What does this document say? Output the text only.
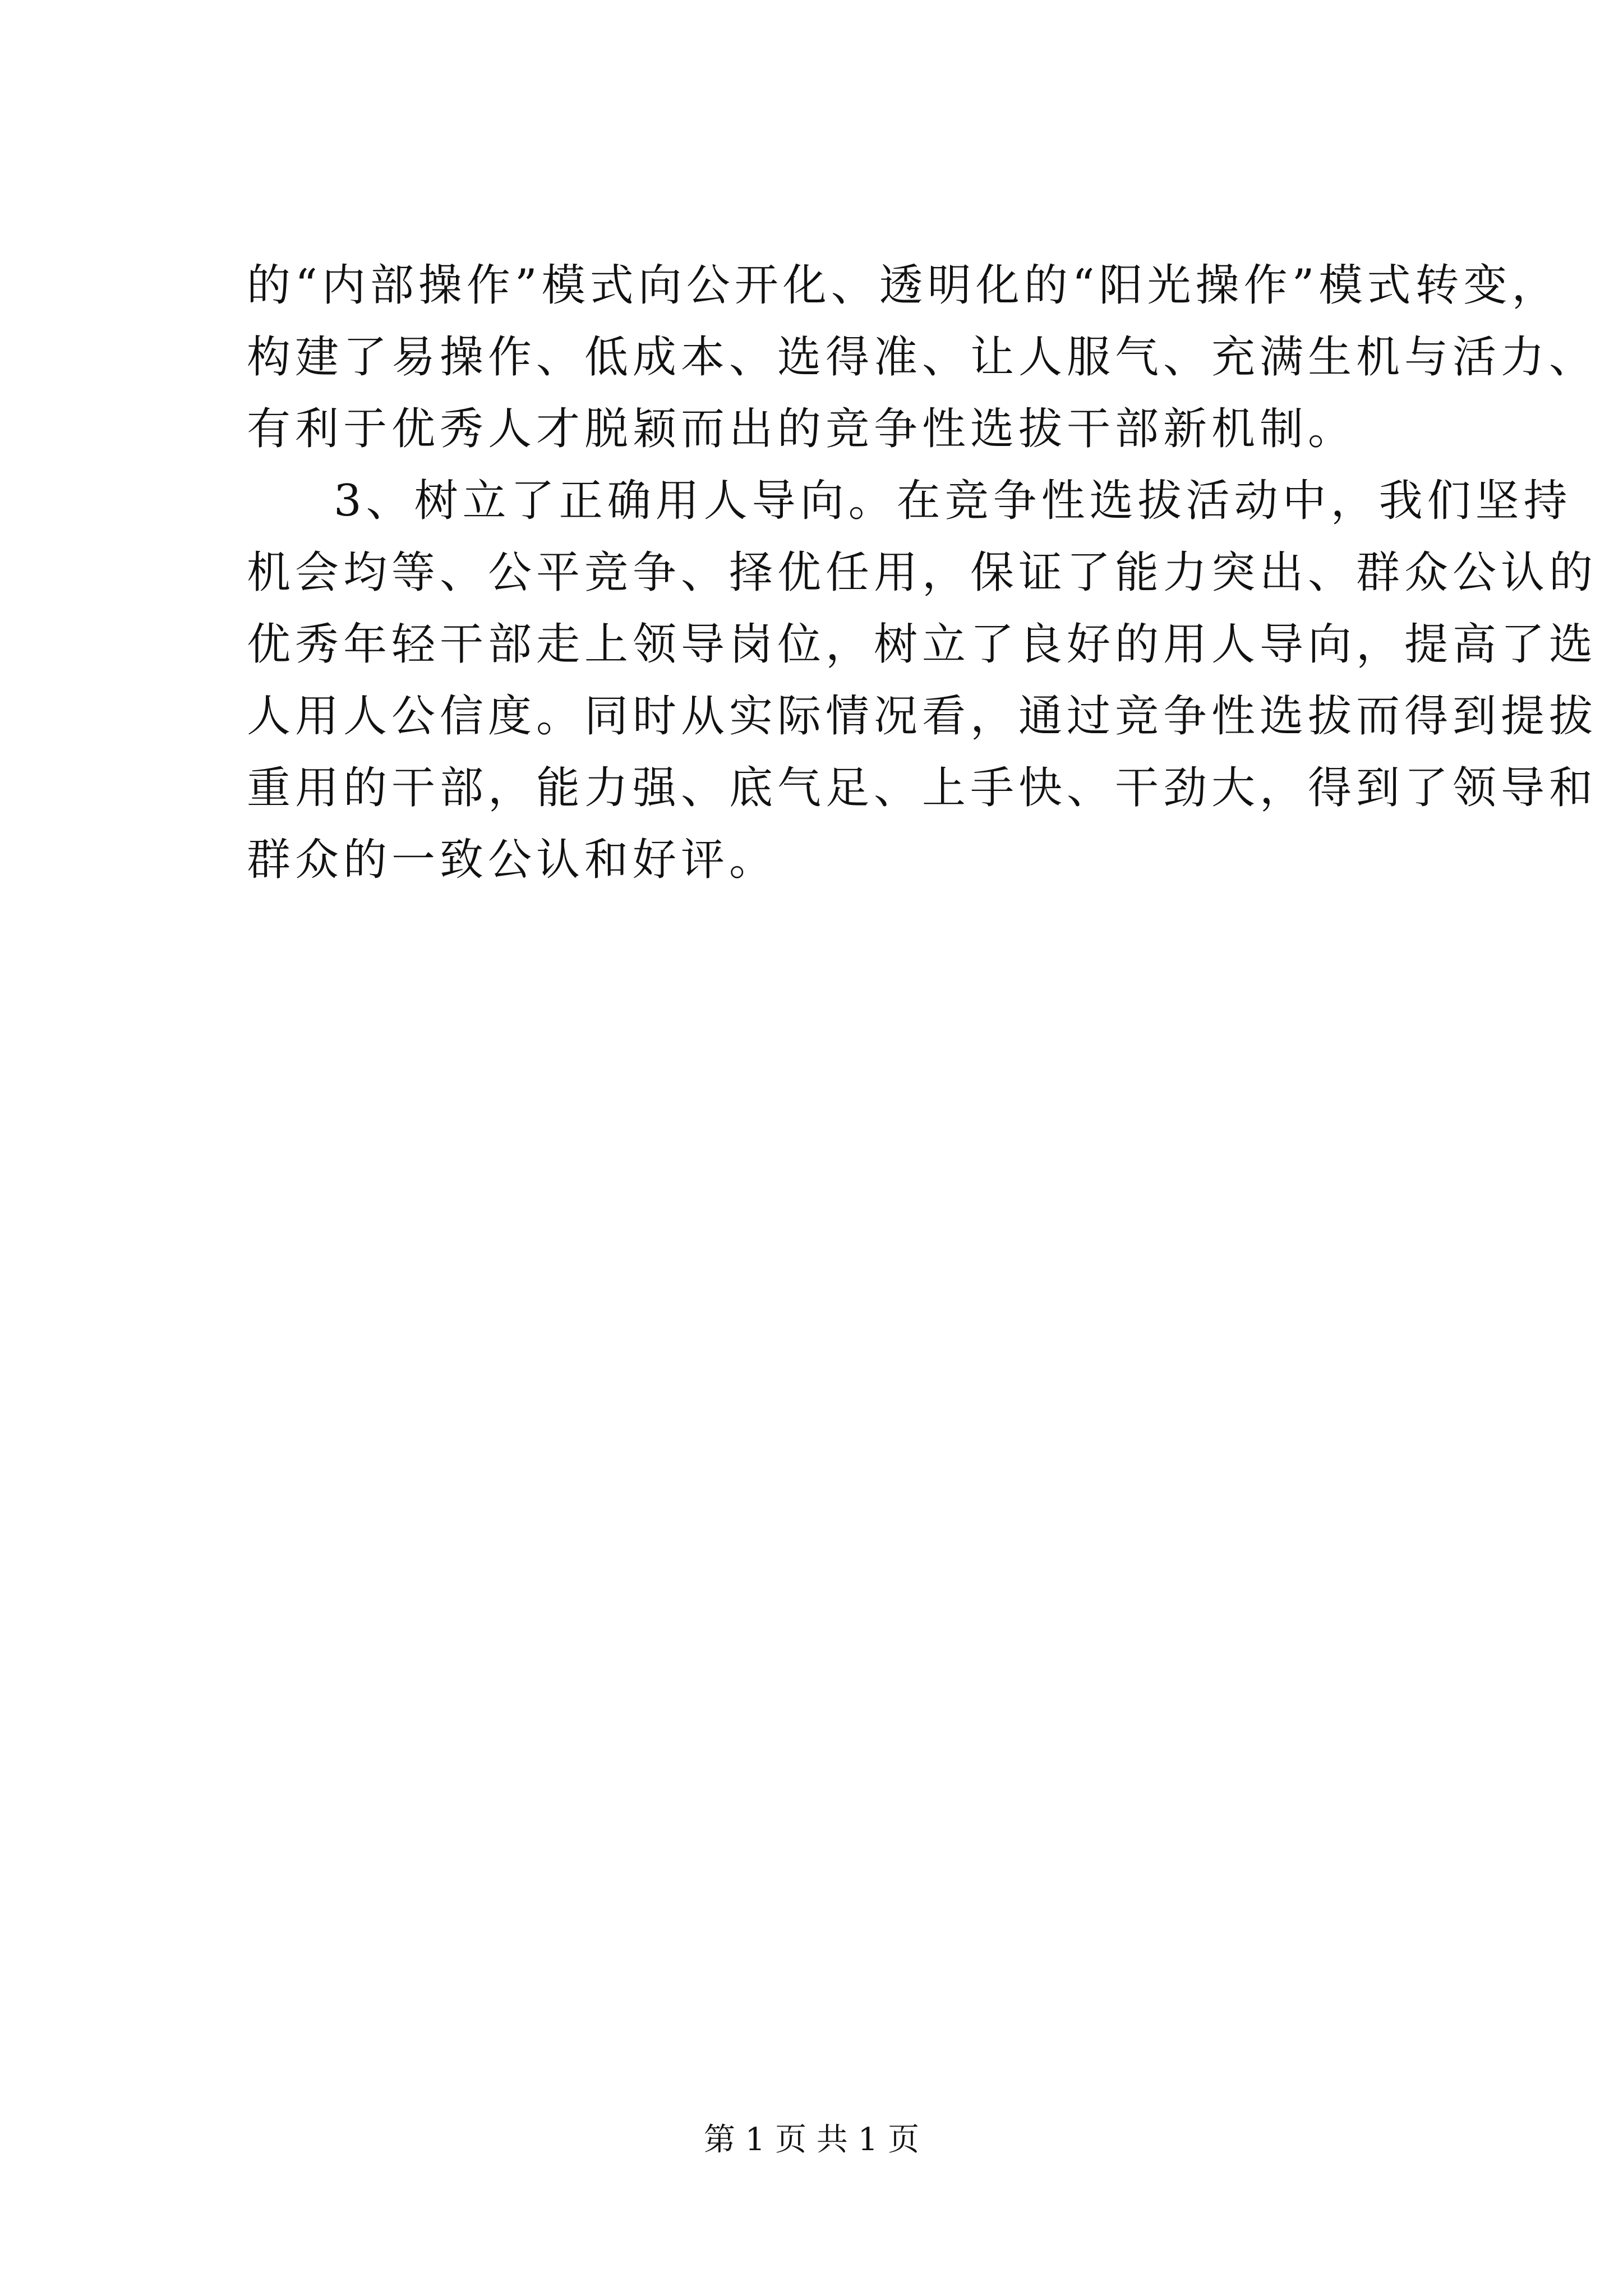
的“内部操作”模式向公开化、透明化的“阳光操作”模式转变，
构建了易操作、低成本、选得准、让人服气、充满生机与活力、
有利于优秀人才脱颖而出的竞争性选拔干部新机制。
3、树立了正确用人导向。在竞争性选拔活动中，我们坚持
机会均等、公平竞争、择优任用，保证了能力突出、群众公认的
优秀年轻干部走上领导岗位，树立了良好的用人导向，提高了选
人用人公信度。同时从实际情况看，通过竞争性选拔而得到提拔
重用的干部，能力强、底气足、上手快、干劲大，得到了领导和
群众的一致公认和好评。
第 1 页 共 1 页
